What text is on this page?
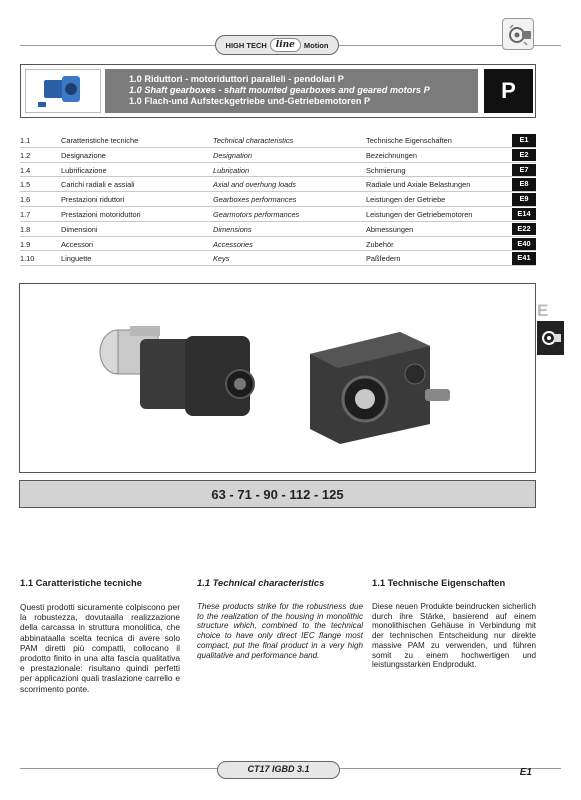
HIGH TECH	line	Motion
1.0 Riduttori - motoriduttori paralleli - pendolari P
1.0 Shaft gearboxes - shaft mounted gearboxes and geared motors P
1.0 Flach-und Aufsteckgetriebe und-Getriebemotoren P	P
1.1	Caratteristiche tecniche	Technical characteristics	Technische Eigenschaften	E1
1.2	Designazione	Designation	Bezeichnungen	E2
1.4	Lubrificazione	Lubrication	Schmierung	E7
1.5	Carichi radiali e assiali	Axial and overhung loads	Radiale und Axiale Belastungen	E8
1.6	Prestazioni riduttori	Gearboxes performances	Leistungen der Getriebe	E9
1.7	Prestazioni motoriduttori	Gearmotors performances	Leistungen der Getriebemotoren	E14
1.8	Dimensioni	Dimensions	Abmessungen	E22
1.9	Accessori	Accessories	Zubehör	E40
1.10	Linguette	Keys	Paßfedern	E41
63 - 71 - 90 - 112 - 125
E
1.1 Caratteristiche tecniche

Questi prodotti sicuramente colpiscono per la robustezza, dovutaalla realizzazione della carcassa in struttura monolitica, che abbinataalla scelta tecnica di avere solo PAM diretti più compatti, collocano il prodotto finito in una alta fascia qualitativa e prestazionale: risultano quindi perfetti per applicazioni quali traslazione carrello e scorrimento ponte.

1.1 Technical characteristics

These products strike for the robustness due to the realization of the housing in monolithic structure which, combined to the technical choice to have only direct IEC flange most compact, put the final product in a very high qualitative and performance band.

1.1 Technische Eigenschaften

Diese neuen Produkte beindrucken sicherlich durch ihre Stärke, basierend auf einem monolithischen Gehäuse in Verbindung mit der technischen Entscheidung nur direkte massive PAM zu verwenden, und führen somit zu einem hochwertigen und leistungsstarken Endprodukt.

CT17 IGBD 3.1	E1
